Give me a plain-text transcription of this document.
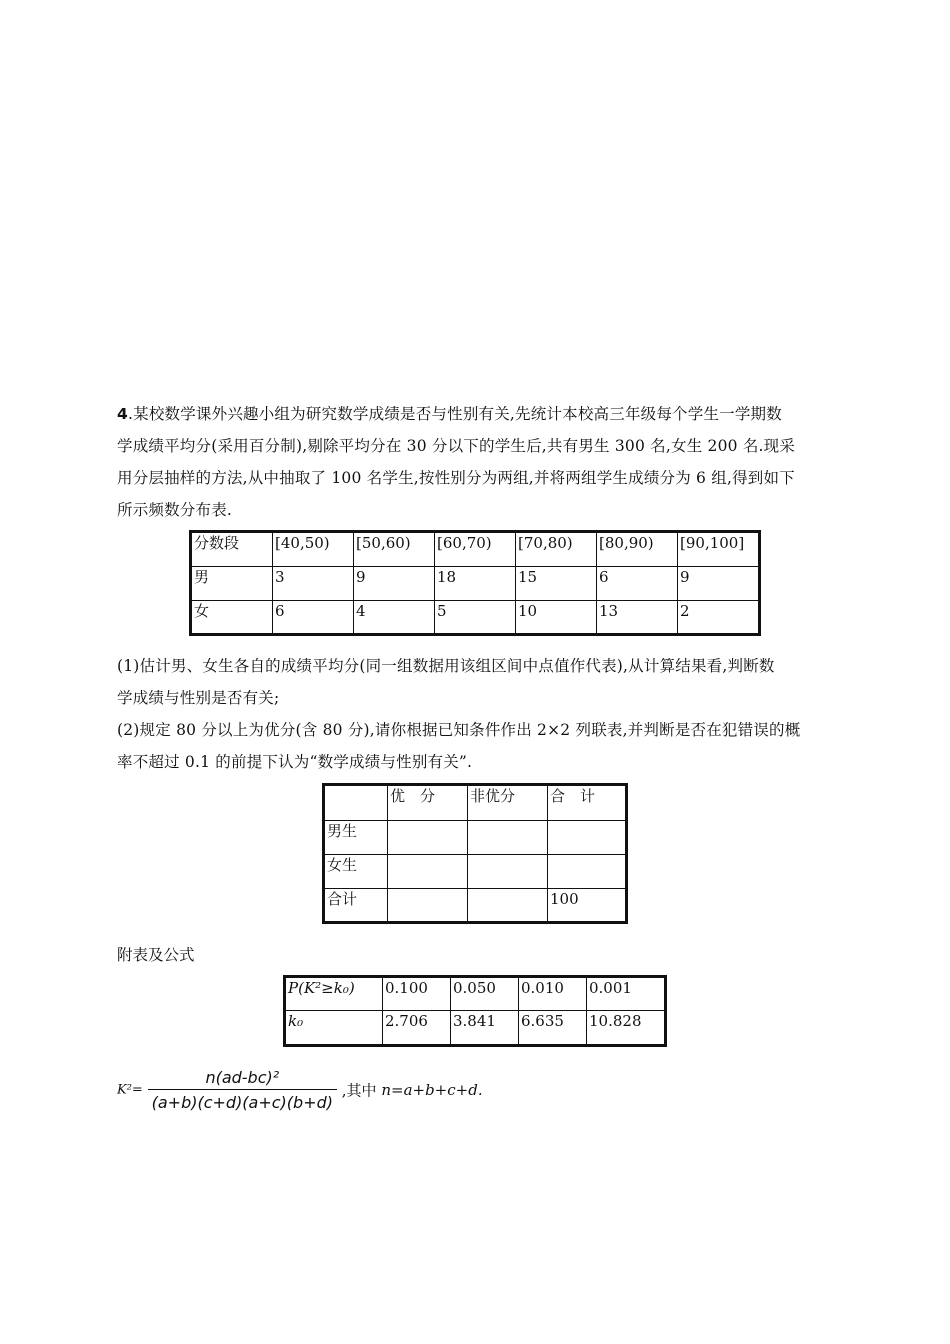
4.某校数学课外兴趣小组为研究数学成绩是否与性别有关,先统计本校高三年级每个学生一学期数
学成绩平均分(采用百分制),剔除平均分在 30 分以下的学生后,共有男生 300 名,女生 200 名.现采
用分层抽样的方法,从中抽取了 100 名学生,按性别分为两组,并将两组学生成绩分为 6 组,得到如下
所示频数分布表.
分数段	[40,50)	[50,60)	[60,70)	[70,80)	[80,90)	[90,100]
男	3	9	18	15	6	9
女	6	4	5	10	13	2
(1)估计男、女生各自的成绩平均分(同一组数据用该组区间中点值作代表),从计算结果看,判断数
学成绩与性别是否有关;
(2)规定 80 分以上为优分(含 80 分),请你根据已知条件作出 2×2 列联表,并判断是否在犯错误的概
率不超过 0.1 的前提下认为“数学成绩与性别有关”.
	优　分	非优分	合　计
男生			
女生			
合计			100
附表及公式
P(K²≥k₀)	0.100	0.050	0.010	0.001
k₀	2.706	3.841	6.635	10.828
$K^2= \frac{\text{n(ad-bc)²}}{(a+b)(c+d)(a+c)(b+d)}$ ,其中 n=a+b+c+d.
